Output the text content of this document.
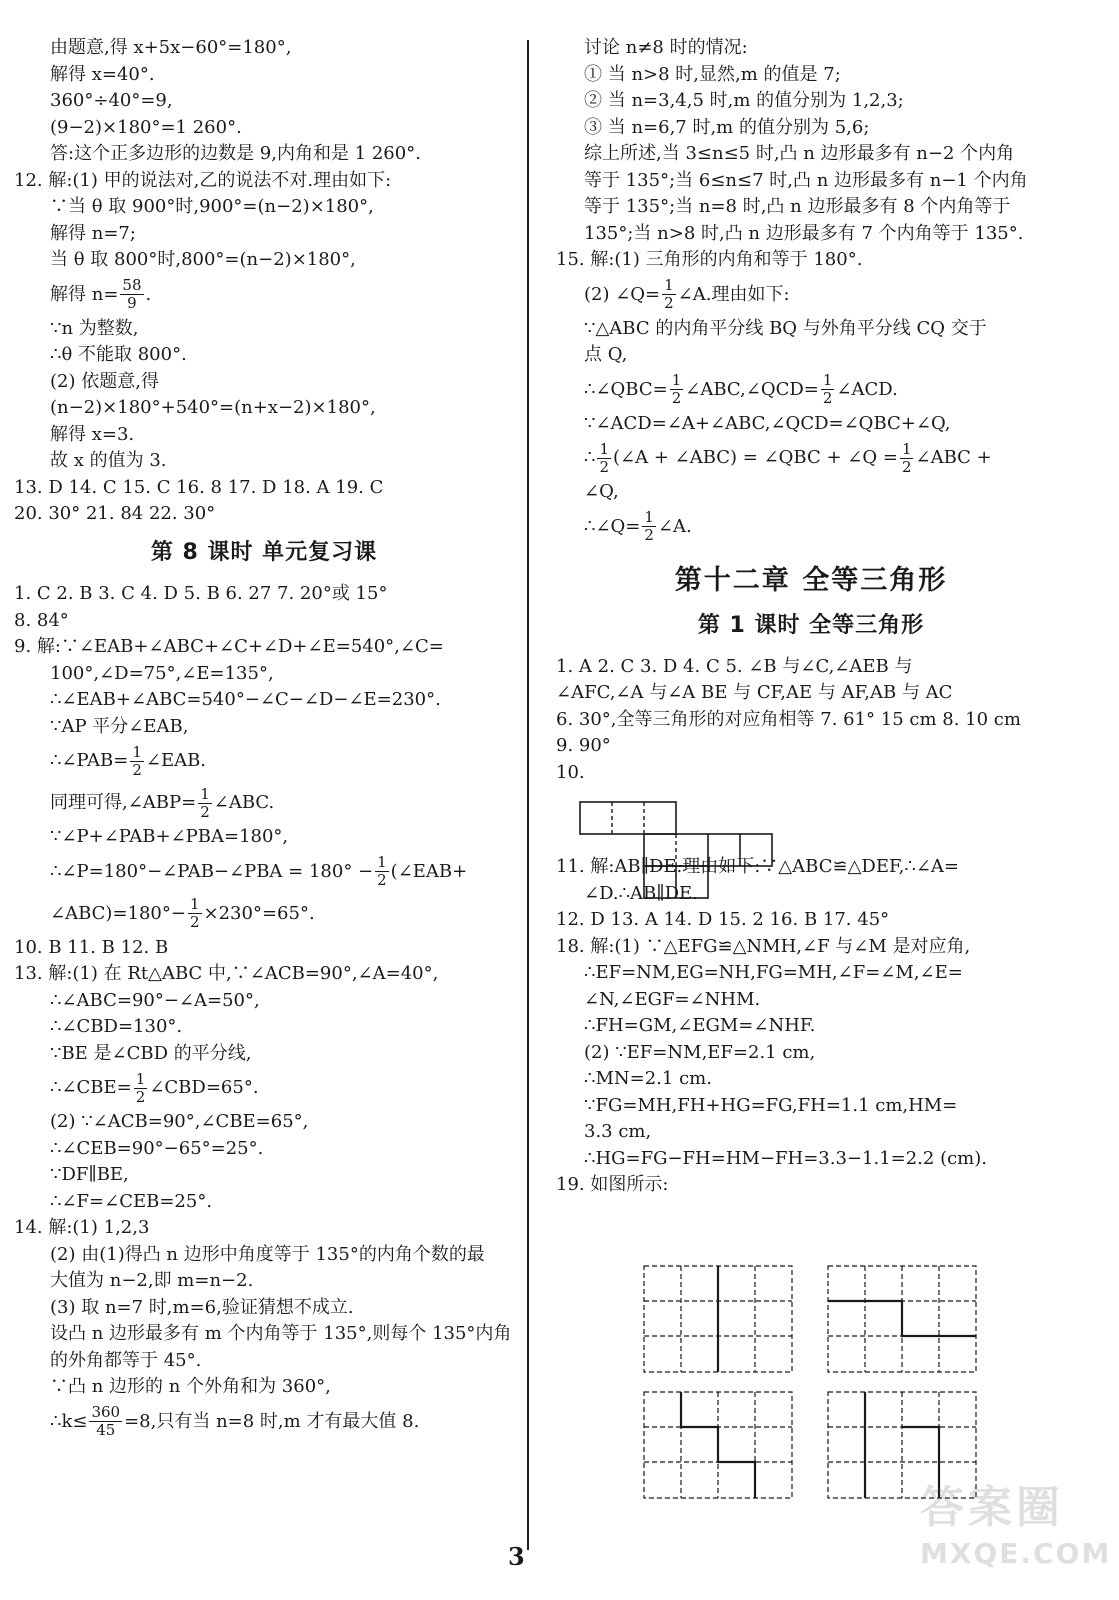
由题意,得 x+5x−60°=180°,
解得 x=40°.
360°÷40°=9,
(9−2)×180°=1 260°.
答:这个正多边形的边数是 9,内角和是 1 260°.
12. 解:(1) 甲的说法对,乙的说法不对.理由如下:
∵当 θ 取 900°时,900°=(n−2)×180°,
解得 n=7;
当 θ 取 800°时,800°=(n−2)×180°,
解得 $n= \frac{58}{9}$ .
∵n 为整数,
∴θ 不能取 800°.
(2) 依题意,得
(n−2)×180°+540°=(n+x−2)×180°,
解得 x=3.
故 x 的值为 3.
13. D 14. C 15. C 16. 8 17. D 18. A 19. C
20. 30° 21. 84 22. 30°
第 8 课时 单元复习课
1. C 2. B 3. C 4. D 5. B 6. 27 7. 20°或 15°
8. 84°
9. 解:∵∠EAB+∠ABC+∠C+∠D+∠E=540°,∠C=
100°,∠D=75°,∠E=135°,
∴∠EAB+∠ABC=540°−∠C−∠D−∠E=230°.
∵AP 平分∠EAB,
∴∠PAB= $\frac{1}{2}$ ∠EAB.
同理可得,∠ABP= $\frac{1}{2}$ ∠ABC.
∵∠P+∠PAB+∠PBA=180°,
∴∠P=180°−∠PAB−∠PBA = $180^\circ - \frac{1}{2}$ (∠EAB+
∠ABC)=180°− $\frac{1}{2} \times 230^\circ=65^\circ$.
10. B 11. B 12. B
13. 解:(1) 在 Rt△ABC 中,∵∠ACB=90°,∠A=40°,
∴∠ABC=90°−∠A=50°,
∴∠CBD=130°.
∵BE 是∠CBD 的平分线,
∴∠CBE= $\frac{1}{2}$ ∠CBD=65°.
(2) ∵∠ACB=90°,∠CBE=65°,
∴∠CEB=90°−65°=25°.
∵DF∥BE,
∴∠F=∠CEB=25°.
14. 解:(1) 1,2,3
(2) 由(1)得凸 n 边形中角度等于 135°的内角个数的最
大值为 n−2,即 m=n−2.
(3) 取 n=7 时,m=6,验证猜想不成立.
设凸 n 边形最多有 m 个内角等于 135°,则每个 135°内角
的外角都等于 45°.
∵凸 n 边形的 n 个外角和为 360°,
∴k≤ $\frac{360}{45} =8$,只有当 n=8 时,m 才有最大值 8.
讨论 n≠8 时的情况:
① 当 n>8 时,显然,m 的值是 7;
② 当 n=3,4,5 时,m 的值分别为 1,2,3;
③ 当 n=6,7 时,m 的值分别为 5,6;
综上所述,当 3≤n≤5 时,凸 n 边形最多有 n−2 个内角
等于 135°;当 6≤n≤7 时,凸 n 边形最多有 n−1 个内角
等于 135°;当 n=8 时,凸 n 边形最多有 8 个内角等于
135°;当 n>8 时,凸 n 边形最多有 7 个内角等于 135°.
15. 解:(1) 三角形的内角和等于 180°.
(2) ∠Q= $\frac{1}{2}$ ∠A.理由如下:
∵△ABC 的内角平分线 BQ 与外角平分线 CQ 交于
点 Q,
∴∠QBC= $\frac{1}{2}$ ∠ABC,∠QCD= $\frac{1}{2}$ ∠ACD.
∵∠ACD=∠A+∠ABC,∠QCD=∠QBC+∠Q,
∴ $\frac{1}{2}$ (∠A + ∠ABC) = ∠QBC + ∠Q = $\frac{1}{2}$ ∠ABC +
∠Q,
∴∠Q= $\frac{1}{2}$ ∠A.
第十二章 全等三角形
第 1 课时 全等三角形
1. A 2. C 3. D 4. C 5. ∠B 与∠C,∠AEB 与
∠AFC,∠A 与∠A BE 与 CF,AE 与 AF,AB 与 AC
6. 30°,全等三角形的对应角相等 7. 61° 15 cm 8. 10 cm
9. 90°
10.
11. 解:AB∥DE.理由如下:∵△ABC≌△DEF,∴∠A=
∠D.∴AB∥DE.
12. D 13. A 14. D 15. 2 16. B 17. 45°
18. 解:(1) ∵△EFG≌△NMH,∠F 与∠M 是对应角,
∴EF=NM,EG=NH,FG=MH,∠F=∠M,∠E=
∠N,∠EGF=∠NHM.
∴FH=GM,∠EGM=∠NHF.
(2) ∵EF=NM,EF=2.1 cm,
∴MN=2.1 cm.
∵FG=MH,FH+HG=FG,FH=1.1 cm,HM=
3.3 cm,
∴HG=FG−FH=HM−FH=3.3−1.1=2.2 (cm).
19. 如图所示:
3
答案圈
MXQE.COM
